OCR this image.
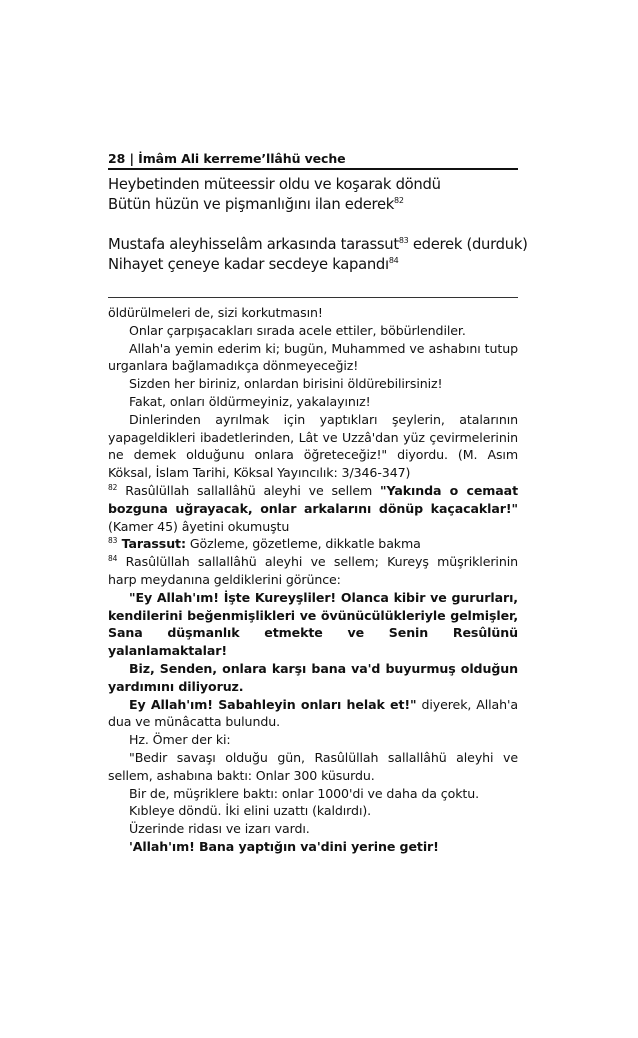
28 | İmâm Ali kerreme’llâhü veche
Heybetinden müteessir oldu ve koşarak döndü
Bütün hüzün ve pişmanlığını ilan ederek$^{82}$
Mustafa aleyhisselâm arkasında tarassut$^{83}$ ederek (durduk)
Nihayet çeneye kadar secdeye kapandı$^{84}$

öldürülmeleri de, sizi korkutmasın!

Onlar çarpışacakları sırada acele ettiler, böbürlendiler.

Allah'a yemin ederim ki; bugün, Muhammed ve ashabını tutup urganlara bağlamadıkça dönmeyeceğiz!

Sizden her biriniz, onlardan birisini öldürebilirsiniz!

Fakat, onları öldürmeyiniz, yakalayınız!

Dinlerinden ayrılmak için yaptıkları şeylerin, atalarının yapageldikleri ibadetlerinden, Lât ve Uzzâ'dan yüz çevirmelerinin ne demek olduğunu onlara öğreteceğiz!" diyordu. (M. Asım Köksal, İslam Tarihi, Köksal Yayıncılık: 3/346-347)

$^{82}$ Rasûlüllah sallallâhü aleyhi ve sellem "Yakında o cemaat bozguna uğrayacak, onlar arkalarını dönüp kaçacaklar!" (Kamer 45) âyetini okumuştu

$^{83}$ Tarassut: Gözleme, gözetleme, dikkatle bakma

$^{84}$ Rasûlüllah sallallâhü aleyhi ve sellem; Kureyş müşriklerinin harp meydanına geldiklerini görünce:

"Ey Allah'ım! İşte Kureyşliler! Olanca kibir ve gururları, kendilerini beğenmişlikleri ve övünücülükleriyle gelmişler, Sana düşmanlık etmekte ve Senin Resûlünü yalanlamaktalar!

Biz, Senden, onlara karşı bana va'd buyurmuş olduğun yardımını diliyoruz.

Ey Allah'ım! Sabahleyin onları helak et!" diyerek, Allah'a dua ve münâcatta bulundu.

Hz. Ömer der ki:

"Bedir savaşı olduğu gün, Rasûlüllah sallallâhü aleyhi ve sellem, ashabına baktı: Onlar 300 küsurdu.

Bir de, müşriklere baktı: onlar 1000'di ve daha da çoktu.

Kıbleye döndü. İki elini uzattı (kaldırdı).

Üzerinde ridası ve izarı vardı.

'Allah'ım! Bana yaptığın va'dini yerine getir!
